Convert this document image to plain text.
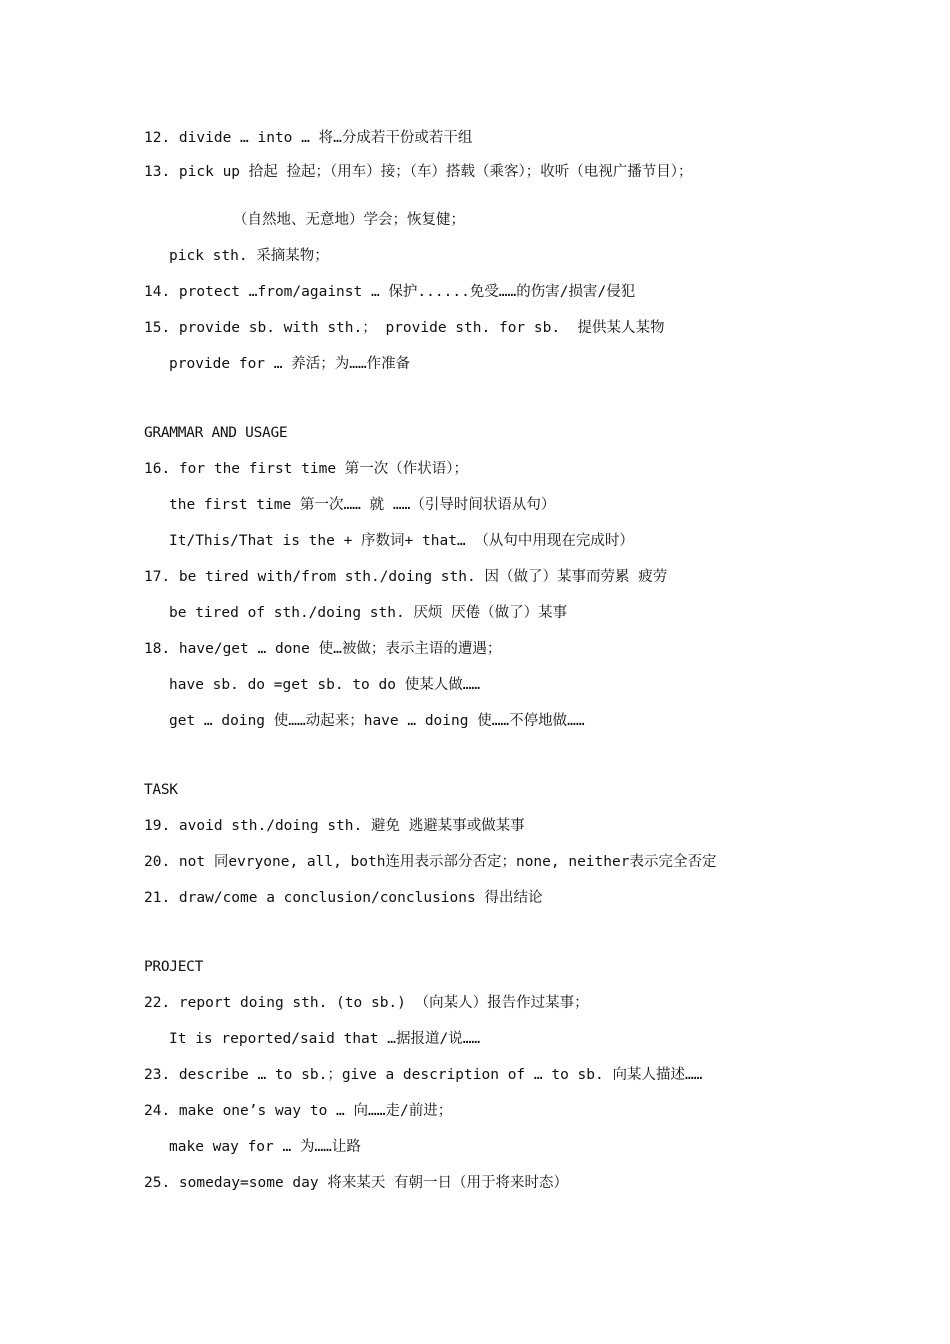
12. divide … into … 将…分成若干份或若干组
13. pick up 拾起 捡起；（用车）接；（车）搭载（乘客）；收听（电视广播节目）；
（自然地、无意地）学会；恢复健；
pick sth. 采摘某物；
14. protect …from/against … 保护......免受……的伤害/损害/侵犯
15. provide sb. with sth.； provide sth. for sb.  提供某人某物
provide for … 养活；为……作准备
GRAMMAR AND USAGE
16. for the first time 第一次（作状语）；
the first time 第一次…… 就 ……（引导时间状语从句）
It/This/That is the + 序数词+ that… （从句中用现在完成时）
17. be tired with/from sth./doing sth. 因（做了）某事而劳累 疲劳
be tired of sth./doing sth. 厌烦 厌倦（做了）某事
18. have/get … done 使…被做；表示主语的遭遇；
have sb. do =get sb. to do 使某人做……
get … doing 使……动起来；have … doing 使……不停地做……
TASK
19. avoid sth./doing sth. 避免 逃避某事或做某事
20. not 同evryone, all, both连用表示部分否定；none, neither表示完全否定
21. draw/come a conclusion/conclusions 得出结论
PROJECT
22. report doing sth. (to sb.) （向某人）报告作过某事；
It is reported/said that …据报道/说……
23. describe … to sb.；give a description of … to sb. 向某人描述……
24. make one’s way to … 向……走/前进；
make way for … 为……让路
25. someday=some day 将来某天 有朝一日（用于将来时态）
